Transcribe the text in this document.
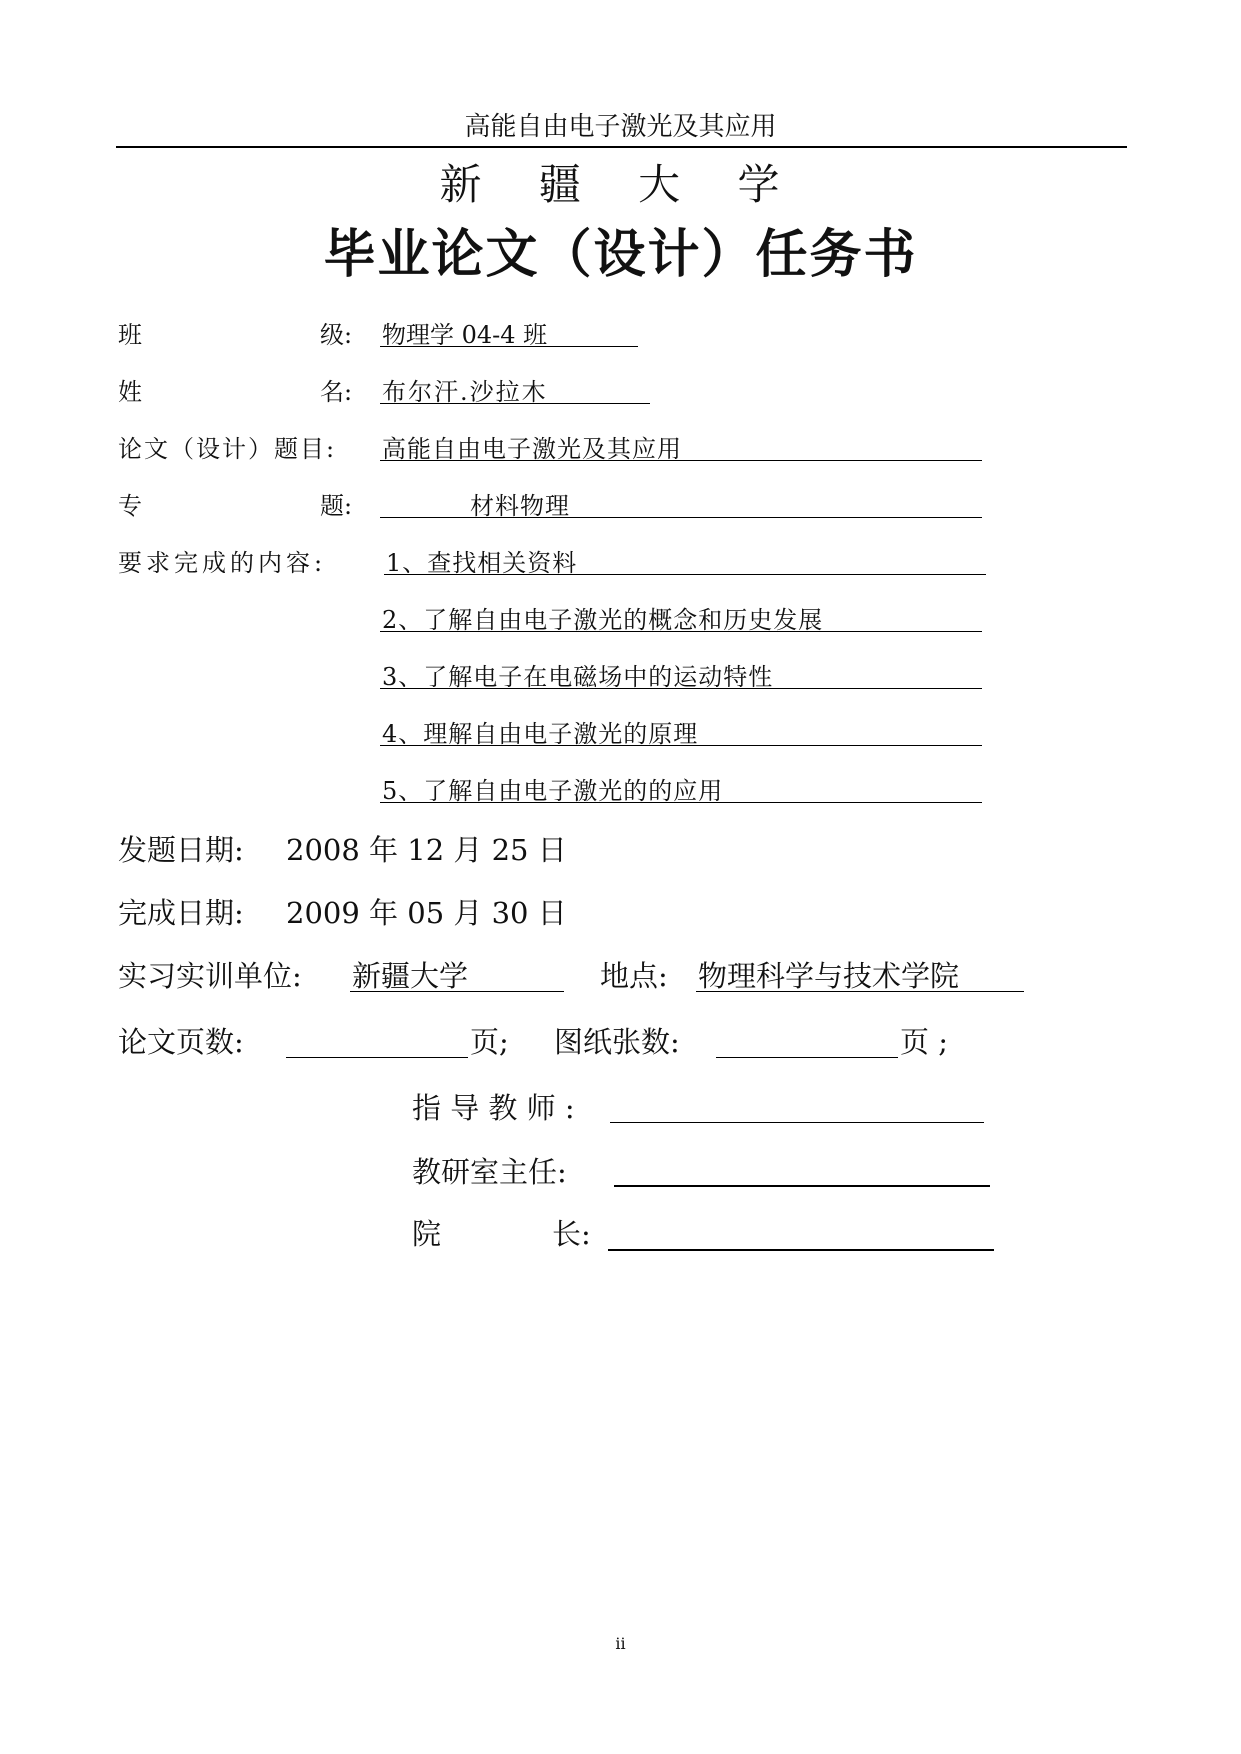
高能自由电子激光及其应用
新 疆 大 学
毕业论文（设计）任务书
班	级: 物理学 04-4 班
姓	名: 布尔汗.沙拉木
论文（设计）题目: 高能自由电子激光及其应用
专	题:	材料物理
要求完成的内容: 1、查找相关资料
2、了解自由电子激光的概念和历史发展
3、了解电子在电磁场中的运动特性
4、理解自由电子激光的原理
5、了解自由电子激光的的应用
发题日期: 2008 年 12 月 25 日
完成日期: 2009 年 05 月 30 日
实习实训单位: 新疆大学	地点: 物理科学与技术学院
论文页数:	页; 图纸张数:	页 ;
指 导 教 师 :
教研室主任:
院	长:
ii
